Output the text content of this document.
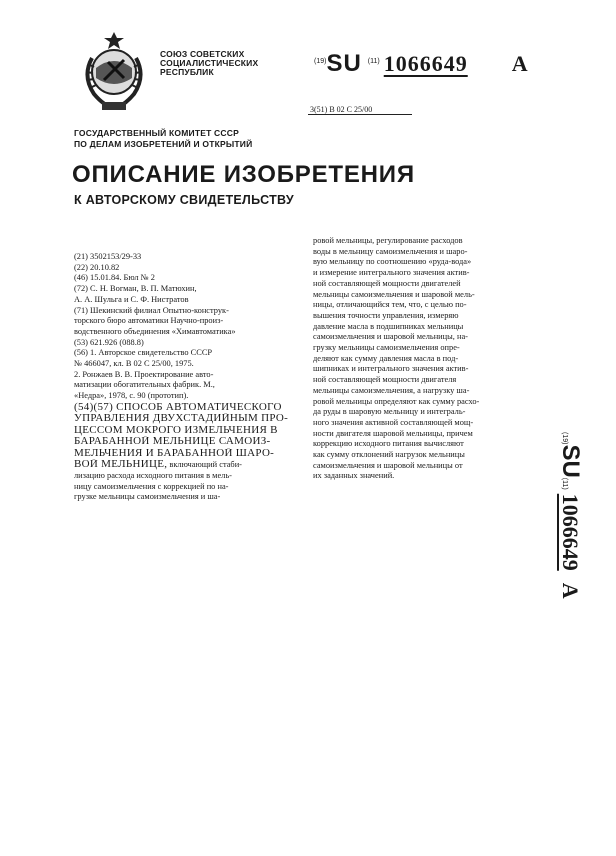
СОЮЗ СОВЕТСКИХ
СОЦИАЛИСТИЧЕСКИХ
РЕСПУБЛИК
$^{(19)}$SU $^{(11)}$ 1066649 A
3(51) B 02 C 25/00
ГОСУДАРСТВЕННЫЙ КОМИТЕТ СССР
ПО ДЕЛАМ ИЗОБРЕТЕНИЙ И ОТКРЫТИЙ
ОПИСАНИЕ ИЗОБРЕТЕНИЯ
К АВТОРСКОМУ СВИДЕТЕЛЬСТВУ
(21) 3502153/29-33
(22) 20.10.82
(46) 15.01.84. Бюл № 2
(72) С. Н. Вогман, В. П. Матюхин,
А. А. Шульга и С. Ф. Нистратов
(71) Шекинский филиал Опытно-конструк-
торского бюро автоматики Научно-произ-
водственного объединения «Химавтоматика»
(53) 621.926 (088.8)
(56) 1. Авторское свидетельство СССР
№ 466047, кл. B 02 C 25/00, 1975.
2. Ронжаев В. В. Проектирование авто-
матизации обогатительных фабрик. М.,
«Недра», 1978, с. 90 (прототип).
(54)(57) СПОСОБ АВТОМАТИЧЕСКОГО
УПРАВЛЕНИЯ ДВУХСТАДИЙНЫМ ПРО-
ЦЕССОМ МОКРОГО ИЗМЕЛЬЧЕНИЯ В
БАРАБАННОЙ МЕЛЬНИЦЕ САМОИЗ-
МЕЛЬЧЕНИЯ И БАРАБАННОЙ ШАРО-
ВОЙ МЕЛЬНИЦЕ, включающий стаби-
лизацию расхода исходного питания в мель-
ницу самоизмельчения с коррекцией по на-
грузке мельницы самоизмельчения и ша-
ровой мельницы, регулирование расходов
воды в мельницу самоизмельчения и шаро-
вую мельницу по соотношению «руда-вода»
и измерение интегрального значения актив-
ной составляющей мощности двигателей
мельницы самоизмельчения и шаровой мель-
ницы, отличающийся тем, что, с целью по-
вышения точности управления, измеряю
давление масла в подшипниках мельницы
самоизмельчения и шаровой мельницы, на-
грузку мельницы самоизмельчения опре-
деляют как сумму давления масла в под-
шипниках и интегрального значения актив-
ной составляющей мощности двигателя
мельницы самоизмельчения, а нагрузку ша-
ровой мельницы определяют как сумму расхо-
да руды в шаровую мельницу и интеграль-
ного значения активной составляющей мощ-
ности двигателя шаровой мельницы, причем
коррекцию исходного питания вычисляют
как сумму отклонений нагрузок мельницы
самоизмельчения и шаровой мельницы от
их заданных значений.
(19)SU(11) 1066649   A
